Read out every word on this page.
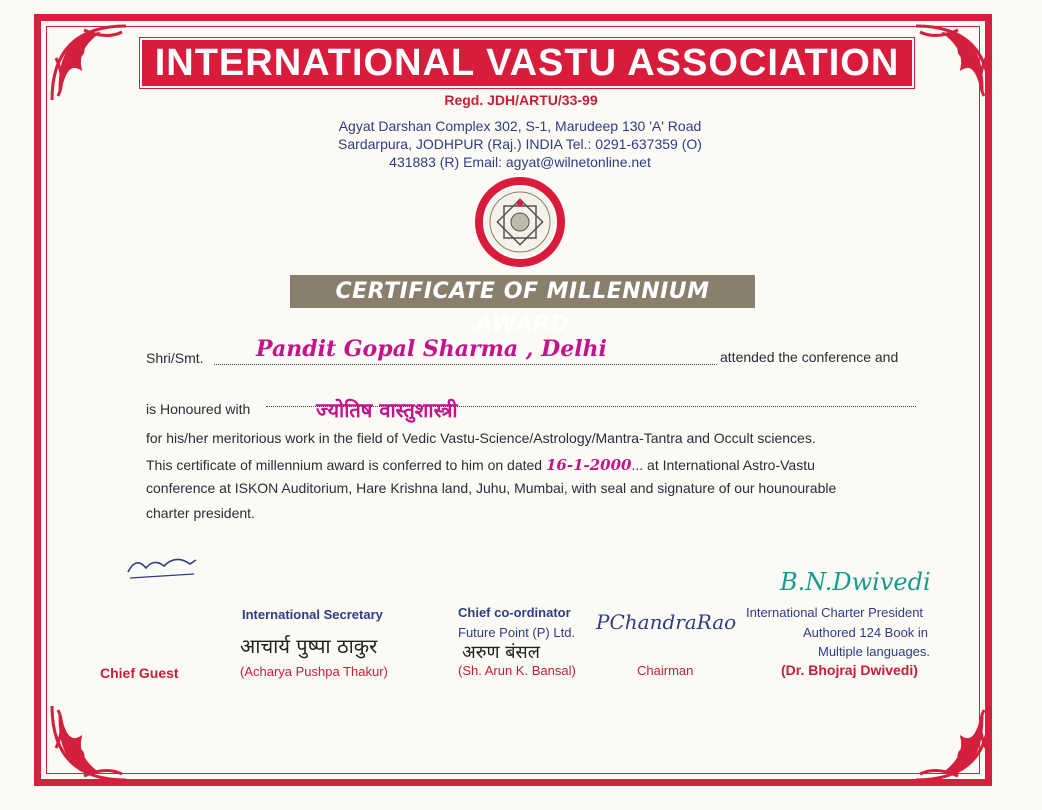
INTERNATIONAL VASTU ASSOCIATION
Regd. JDH/ARTU/33-99
Agyat Darshan Complex 302, S-1, Marudeep 130 'A' Road
Sardarpura, JODHPUR (Raj.) INDIA Tel.: 0291-637359 (O)
431883 (R) Email: agyat@wilnetonline.net
CERTIFICATE OF MILLENNIUM AWARD
Shri/Smt. Pandit Gopal Sharma , Delhi	attended the conference and
is Honoured with	ज्योतिष वास्तुशास्त्री
for his/her meritorious work in the field of Vedic Vastu-Science/Astrology/Mantra-Tantra and Occult sciences.
This certificate of millennium award is conferred to him on dated 16-1-2000... at International Astro-Vastu
conference at ISKON Auditorium, Hare Krishna land, Juhu, Mumbai, with seal and signature of our hounourable
charter president.
Chief Guest
International Secretary
आचार्य पुष्पा ठाकुर
(Acharya Pushpa Thakur)
Chief co-ordinator
Future Point (P) Ltd.
अरुण बंसल
(Sh. Arun K. Bansal)
PChandraRao
Chairman
B.N.Dwivedi
International Charter President
Authored 124 Book in
Multiple languages.
(Dr. Bhojraj Dwivedi)
